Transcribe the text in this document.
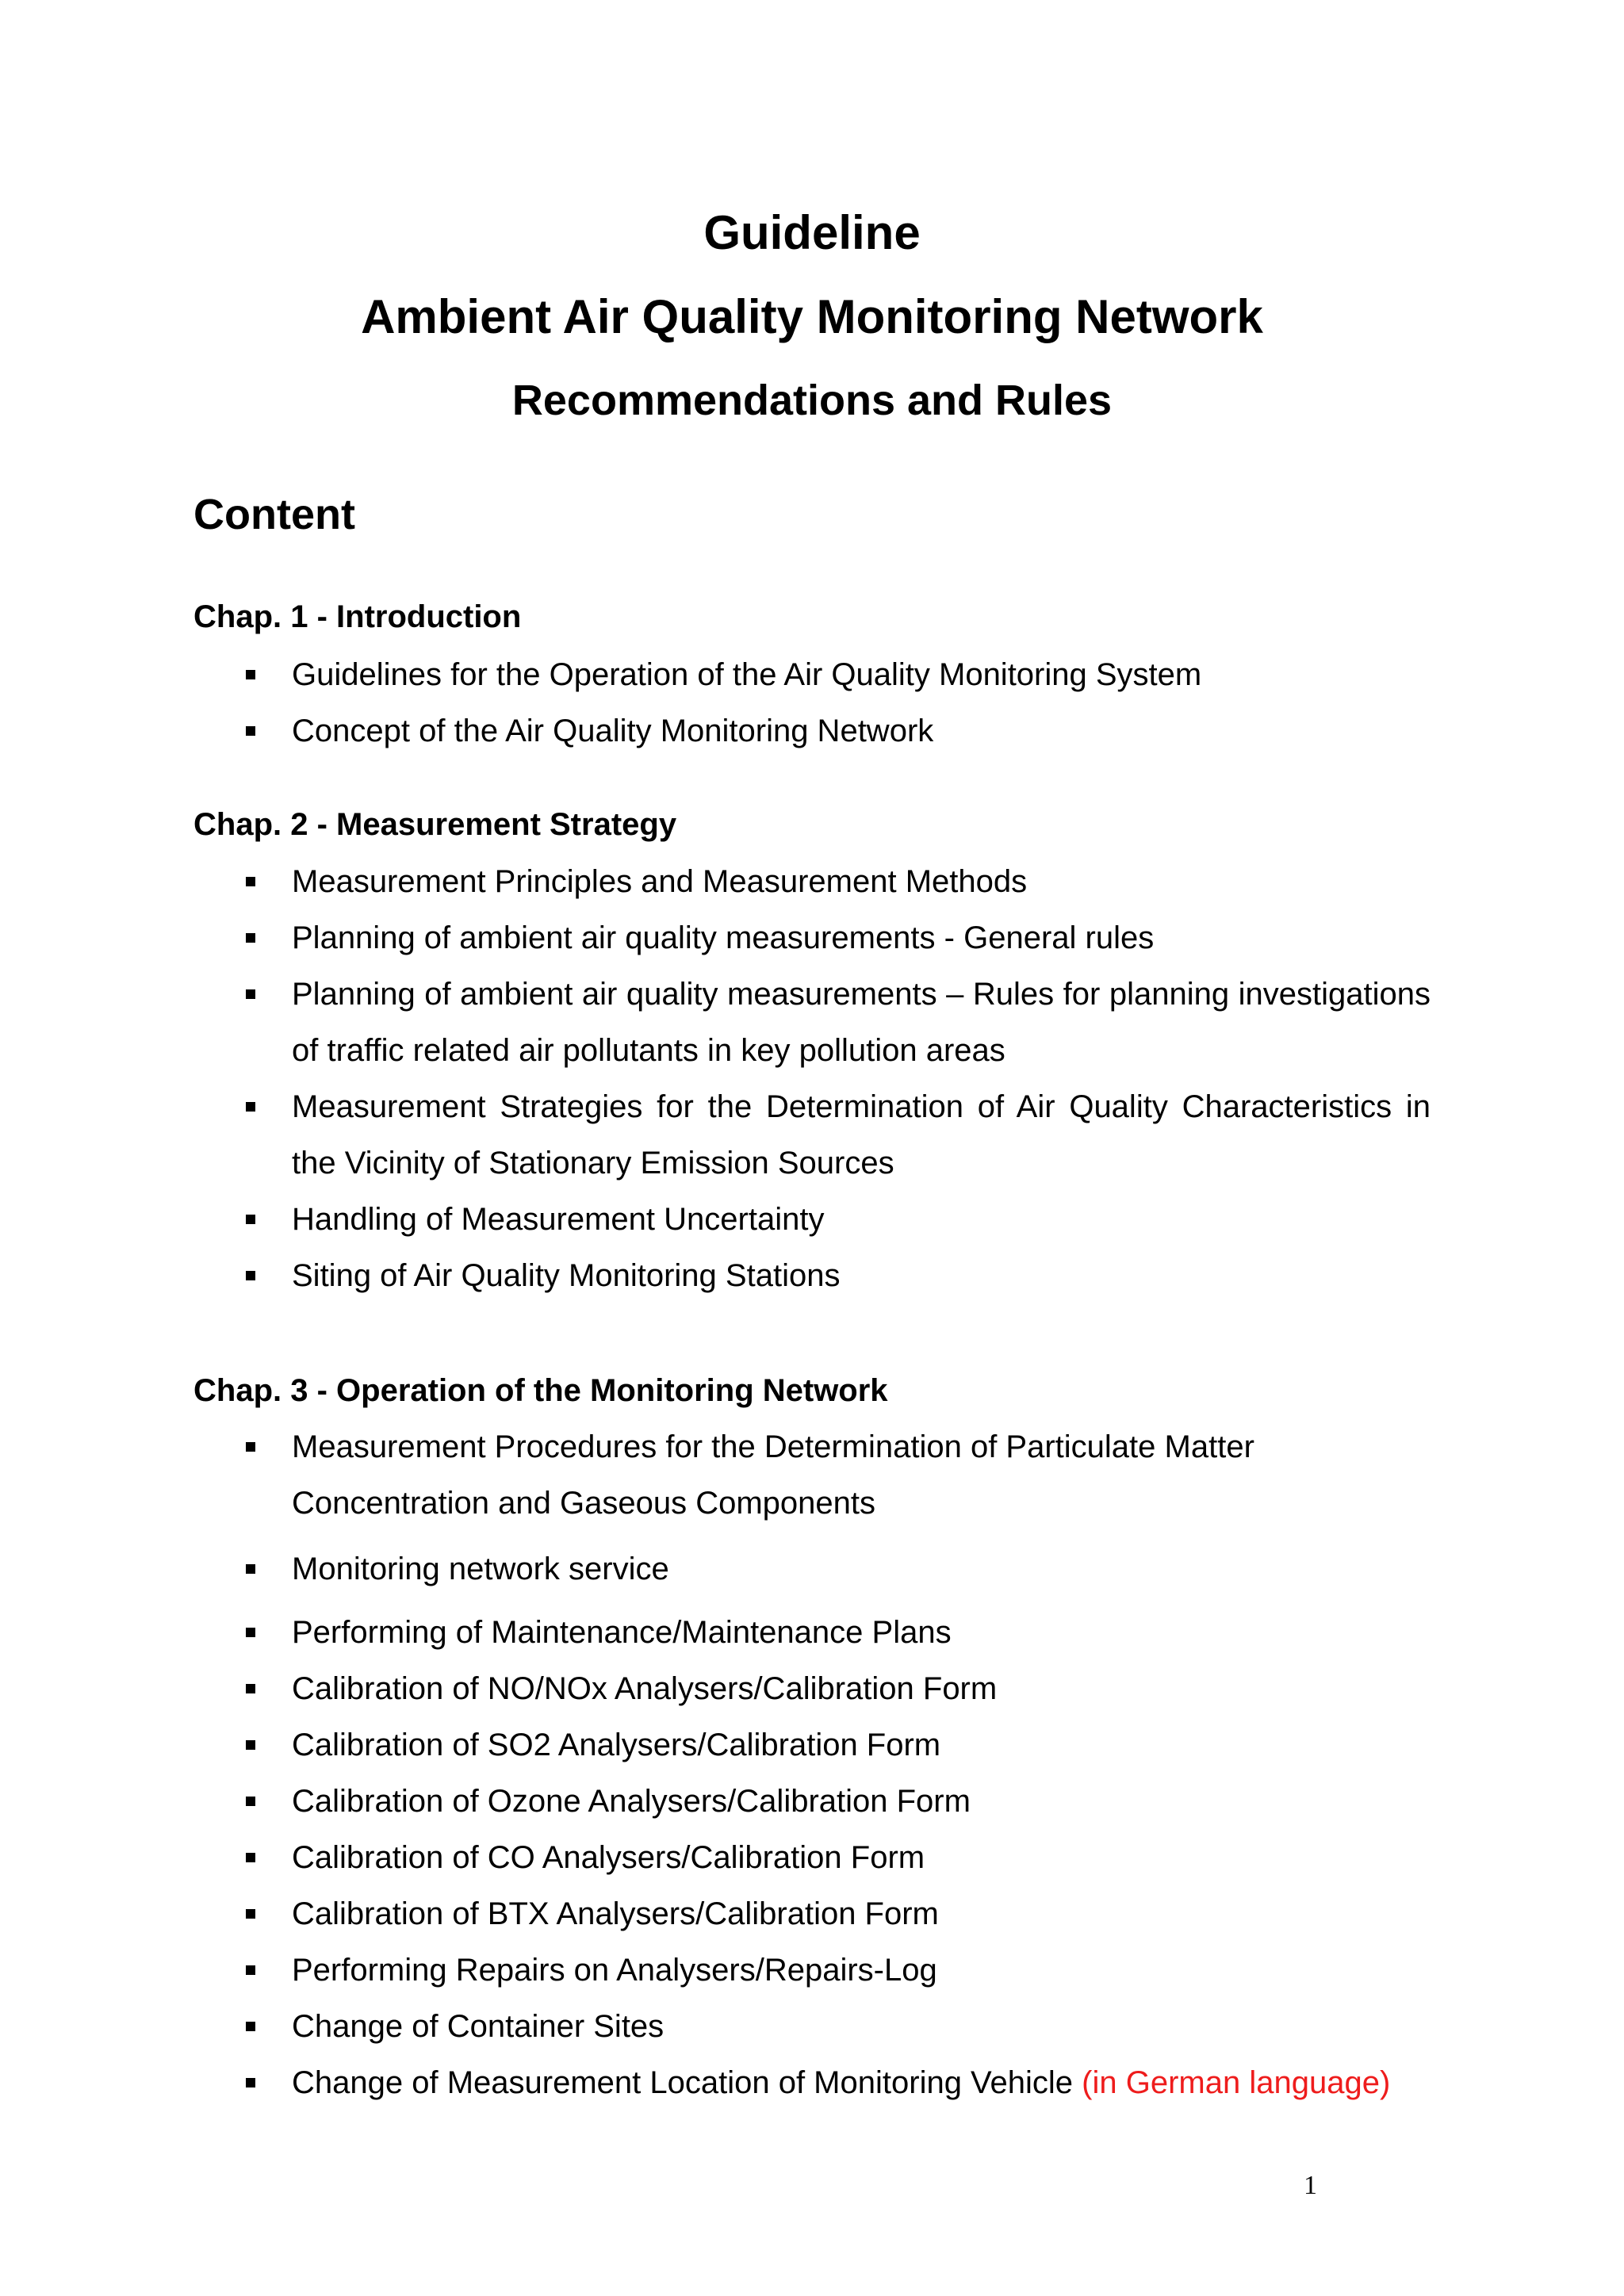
Guideline
Ambient Air Quality Monitoring Network
Recommendations and Rules
Content
Chap. 1 - Introduction
Guidelines for the Operation of the Air Quality Monitoring System
Concept of the Air Quality Monitoring Network
Chap. 2 - Measurement Strategy
Measurement Principles and Measurement Methods
Planning of ambient air quality measurements - General rules
Planning of ambient air quality measurements – Rules for planning investigations of traffic related air pollutants in key pollution areas
Measurement Strategies for the Determination of Air Quality Characteristics in the Vicinity of Stationary Emission Sources
Handling of Measurement Uncertainty
Siting of Air Quality Monitoring Stations
Chap. 3 - Operation of the Monitoring Network
Measurement Procedures for the Determination of Particulate Matter Concentration and Gaseous Components
Monitoring network service
Performing of Maintenance/Maintenance Plans
Calibration of NO/NOx Analysers/Calibration Form
Calibration of SO2 Analysers/Calibration Form
Calibration of Ozone Analysers/Calibration Form
Calibration of CO Analysers/Calibration Form
Calibration of BTX Analysers/Calibration Form
Performing Repairs on Analysers/Repairs-Log
Change of Container Sites
Change of Measurement Location of Monitoring Vehicle (in German language)
1
